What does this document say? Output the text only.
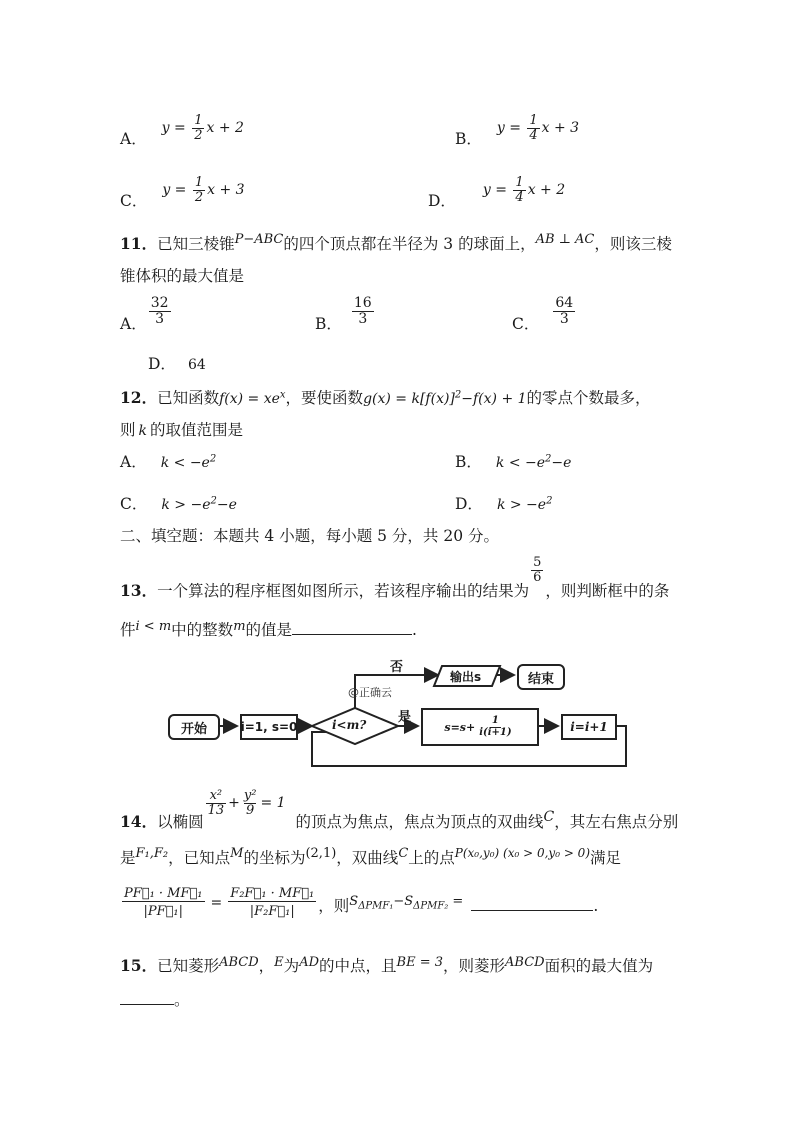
A． $y = \frac{1}{2}$ x + 2
B． $y = \frac{1}{4}$ x + 3
C． $y = \frac{1}{2}$ x + 3
D． $y = \frac{1}{4}$ x + 2
11．已知三棱锥$^{P-ABC}$的四个顶点都在半径为 3 的球面上，$^{AB \perp AC}$，则该三棱
锥体积的最大值是
A． $\frac{32}{3}$	B． $\frac{16}{3}$	C． $\frac{64}{3}$
D． 64
12．已知函数$f(x) = xe^x$，要使函数$g(x) = k[f(x)]^2-f(x) + 1$的零点个数最多，
则 k 的取值范围是
A． $k < -e^2$	B． $k < -e^2-e$
C． $k > -e^2-e$	D． $k > -e^2$
二、填空题：本题共 4 小题，每小题 5 分，共 20 分。
13．一个算法的程序框图如图所示，若该程序输出的结果为
$\frac{5}{6}$
，则判断框中的条
件$^{i < m}$中的整数$^m$的值是	.
开始	i=1, s=0	i<m? 是
否
@正确云
$s=s+ \frac{1}{i(i+1)}$	i=i+1
输出s	结束
14．以椭圆
$\frac{\text{x²}}{13} + \frac{\text{y²}}{9} = 1$
的顶点为焦点，焦点为顶点的双曲线C，其左右焦点分别
是$^{F_1,F_2}$，已知点$^M$的坐标为$^{(2,1)}$，双曲线$^C$上的点$^{P(x_0,y_0) (x_0 > 0,y_0 > 0)}$满足
$\frac{\text{PF⃗₁ · MF⃗₁}}{\text{|PF⃗₁|}} = \frac{\text{F₂F⃗₁ · MF⃗₁}}{\text{|F₂F⃗₁|}}$ ，则$_{S_{\Delta PMF_1}-S_{\Delta PMF_2} =}$	.
15．已知菱形$^{ABCD}$，$^E$为$^{AD}$的中点，且$^{BE = 3}$，则菱形$^{ABCD}$面积的最大值为
。
